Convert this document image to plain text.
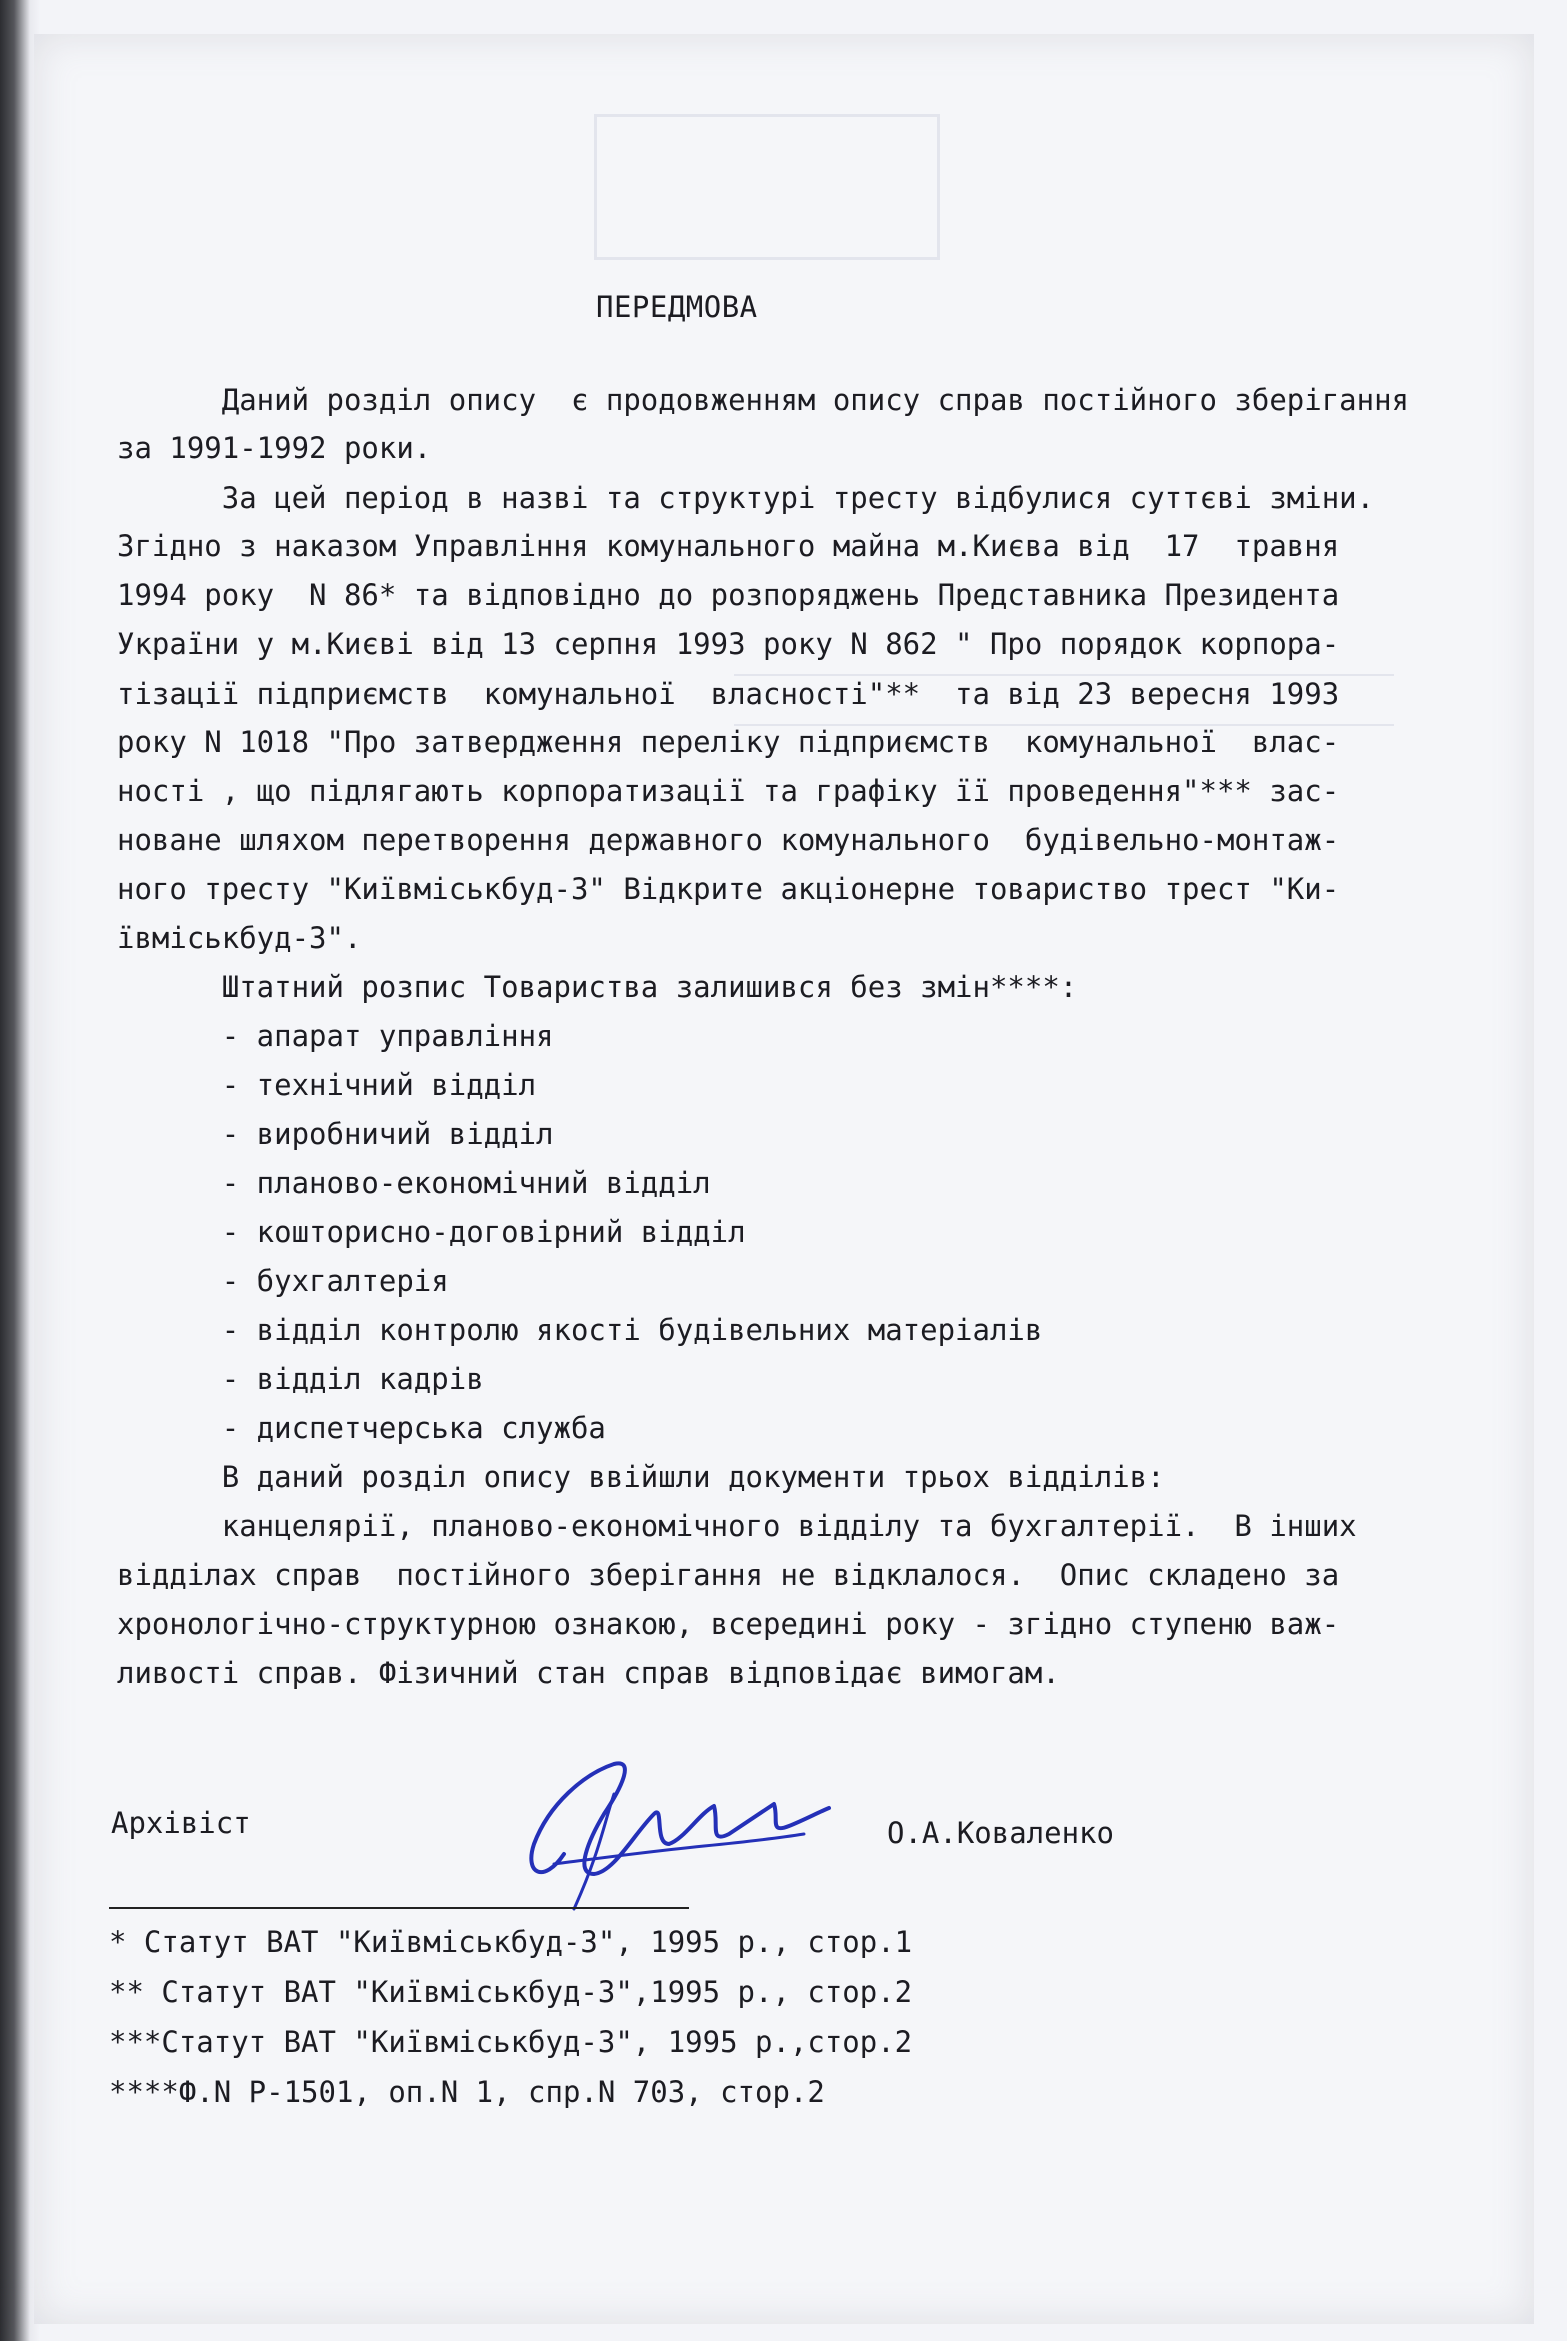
ПЕРЕДМОВА
Даний розділ опису  є продовженням опису справ постійного зберігання
за 1991-1992 роки.
За цей період в назві та структурі тресту відбулися суттєві зміни.
Згідно з наказом Управління комунального майна м.Києва від  17  травня
1994 року  N 86* та відповідно до розпоряджень Представника Президента
України у м.Києві від 13 серпня 1993 року N 862 " Про порядок корпора-
тізації підприємств  комунальної  власності"**  та від 23 вересня 1993
року N 1018 "Про затвердження переліку підприємств  комунальної  влас-
ності , що підлягають корпоратизації та графіку її проведення"*** зас-
новане шляхом перетворення державного комунального  будівельно-монтаж-
ного тресту "Київміськбуд-3" Відкрите акціонерне товариство трест "Ки-
ївміськбуд-3".
Штатний розпис Товариства залишився без змін****:
- апарат управління
- технічний відділ
- виробничий відділ
- планово-економічний відділ
- кошторисно-договірний відділ
- бухгалтерія
- відділ контролю якості будівельних матеріалів
- відділ кадрів
- диспетчерська служба
В даний розділ опису ввійшли документи трьох відділів:
канцелярії, планово-економічного відділу та бухгалтерії.  В інших
відділах справ  постійного зберігання не відклалося.  Опис складено за
хронологічно-структурною ознакою, всередині року - згідно ступеню важ-
ливості справ. Фізичний стан справ відповідає вимогам.
Архівіст	О.А.Коваленко
* Статут ВАТ "Київміськбуд-3", 1995 р., стор.1
** Статут ВАТ "Київміськбуд-3",1995 р., стор.2
***Статут ВАТ "Київміськбуд-3", 1995 р.,стор.2
****Ф.N Р-1501, оп.N 1, спр.N 703, стор.2
